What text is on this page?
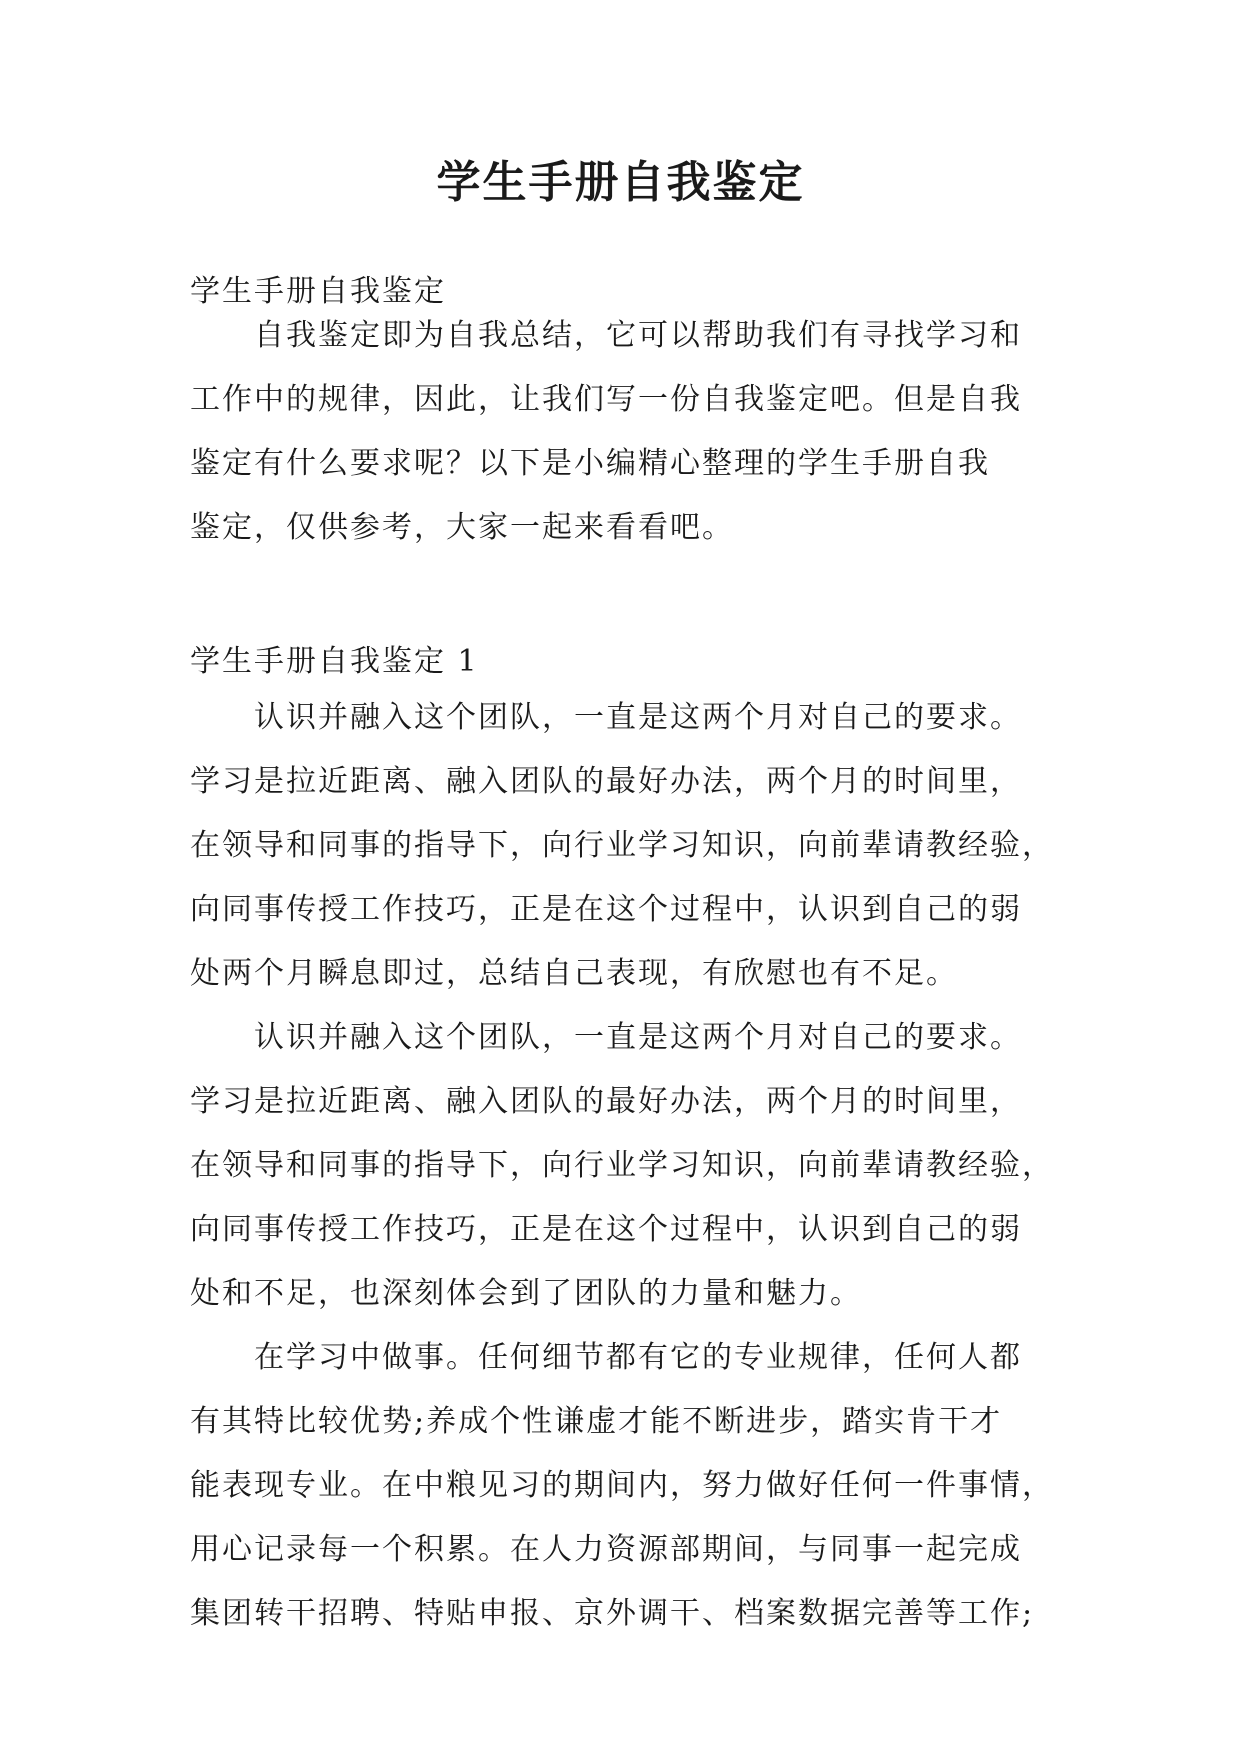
学生手册自我鉴定

学生手册自我鉴定

自我鉴定即为自我总结，它可以帮助我们有寻找学习和
工作中的规律，因此，让我们写一份自我鉴定吧。但是自我
鉴定有什么要求呢？以下是小编精心整理的学生手册自我
鉴定，仅供参考，大家一起来看看吧。

学生手册自我鉴定 1

认识并融入这个团队，一直是这两个月对自己的要求。
学习是拉近距离、融入团队的最好办法，两个月的时间里，
在领导和同事的指导下，向行业学习知识，向前辈请教经验，
向同事传授工作技巧，正是在这个过程中，认识到自己的弱
处两个月瞬息即过，总结自己表现，有欣慰也有不足。
认识并融入这个团队，一直是这两个月对自己的要求。
学习是拉近距离、融入团队的最好办法，两个月的时间里，
在领导和同事的指导下，向行业学习知识，向前辈请教经验，
向同事传授工作技巧，正是在这个过程中，认识到自己的弱
处和不足，也深刻体会到了团队的力量和魅力。
在学习中做事。任何细节都有它的专业规律，任何人都
有其特比较优势;养成个性谦虚才能不断进步，踏实肯干才
能表现专业。在中粮见习的期间内，努力做好任何一件事情，
用心记录每一个积累。在人力资源部期间，与同事一起完成
集团转干招聘、特贴申报、京外调干、档案数据完善等工作;
